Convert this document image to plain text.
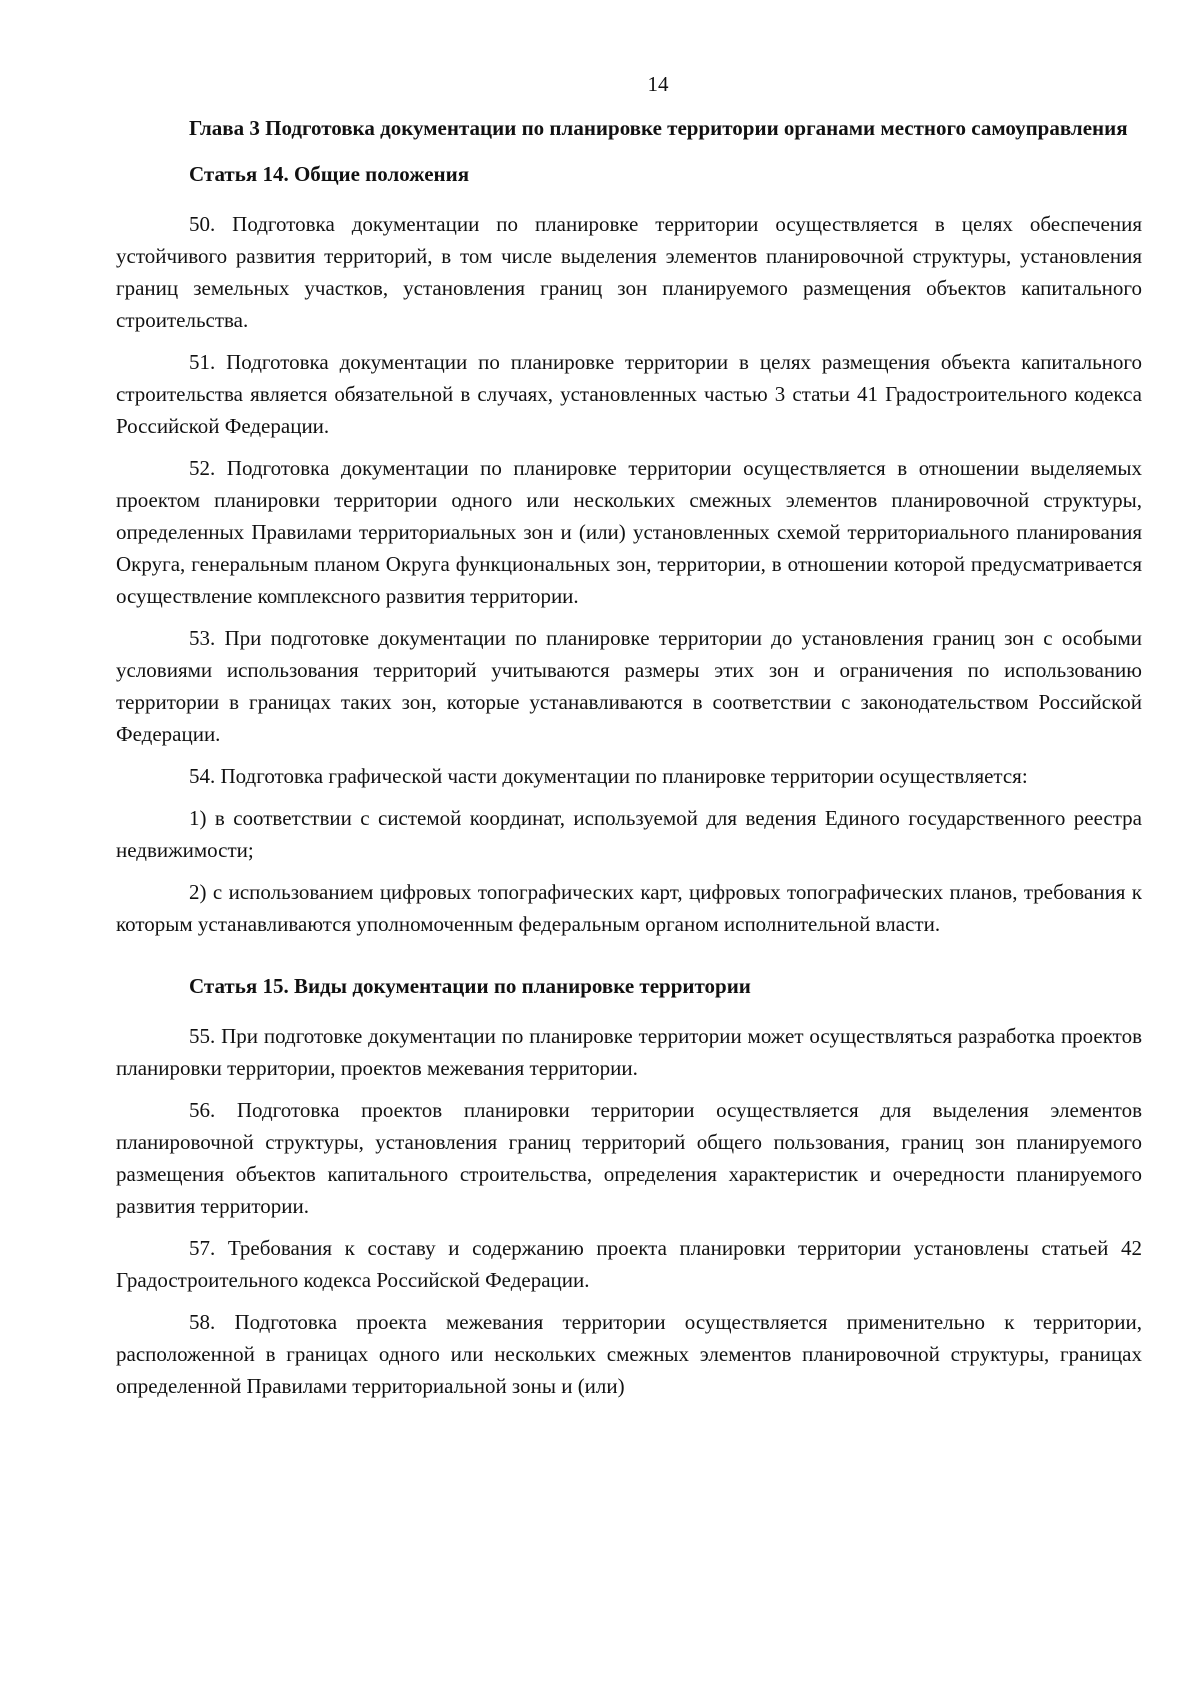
14
Глава 3 Подготовка документации по планировке территории органами местного самоуправления
Статья 14. Общие положения

50. Подготовка документации по планировке территории осуществляется в целях обеспечения устойчивого развития территорий, в том числе выделения элементов планировочной структуры, установления границ земельных участков, установления границ зон планируемого размещения объектов капитального строительства.

51. Подготовка документации по планировке территории в целях размещения объекта капитального строительства является обязательной в случаях, установленных частью 3 статьи 41 Градостроительного кодекса Российской Федерации.

52. Подготовка документации по планировке территории осуществляется в отношении выделяемых проектом планировки территории одного или нескольких смежных элементов планировочной структуры, определенных Правилами территориальных зон и (или) установленных схемой территориального планирования Округа, генеральным планом Округа функциональных зон, территории, в отношении которой предусматривается осуществление комплексного развития территории.

53. При подготовке документации по планировке территории до установления границ зон с особыми условиями использования территорий учитываются размеры этих зон и ограничения по использованию территории в границах таких зон, которые устанавливаются в соответствии с законодательством Российской Федерации.

54. Подготовка графической части документации по планировке территории осуществляется:

1) в соответствии с системой координат, используемой для ведения Единого государственного реестра недвижимости;

2) с использованием цифровых топографических карт, цифровых топографических планов, требования к которым устанавливаются уполномоченным федеральным органом исполнительной власти.

Статья 15. Виды документации по планировке территории

55. При подготовке документации по планировке территории может осуществляться разработка проектов планировки территории, проектов межевания территории.

56. Подготовка проектов планировки территории осуществляется для выделения элементов планировочной структуры, установления границ территорий общего пользования, границ зон планируемого размещения объектов капитального строительства, определения характеристик и очередности планируемого развития территории.

57. Требования к составу и содержанию проекта планировки территории установлены статьей 42 Градостроительного кодекса Российской Федерации.

58. Подготовка проекта межевания территории осуществляется применительно к территории, расположенной в границах одного или нескольких смежных элементов планировочной структуры, границах определенной Правилами территориальной зоны и (или)
